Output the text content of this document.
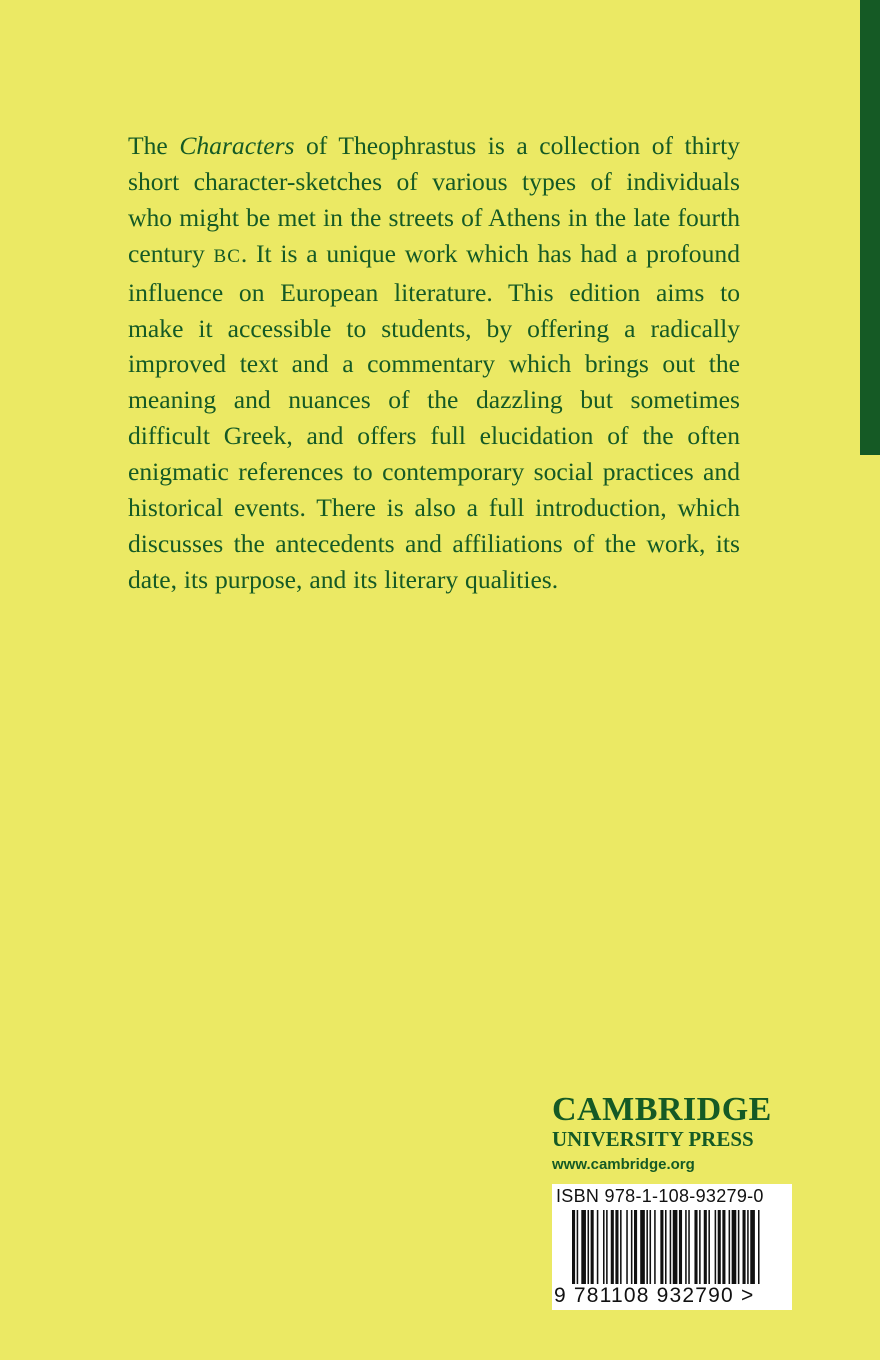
The Characters of Theophrastus is a collection of thirty short character-sketches of various types of individuals who might be met in the streets of Athens in the late fourth century BC. It is a unique work which has had a profound influence on European literature. This edition aims to make it accessible to students, by offering a radically improved text and a commentary which brings out the meaning and nuances of the dazzling but sometimes difficult Greek, and offers full elucidation of the often enigmatic references to contemporary social practices and historical events. There is also a full introduction, which discusses the antecedents and affiliations of the work, its date, its purpose, and its literary qualities.

CAMBRIDGE
UNIVERSITY PRESS
www.cambridge.org
ISBN 978-1-108-93279-0
9 781108 932790 >
